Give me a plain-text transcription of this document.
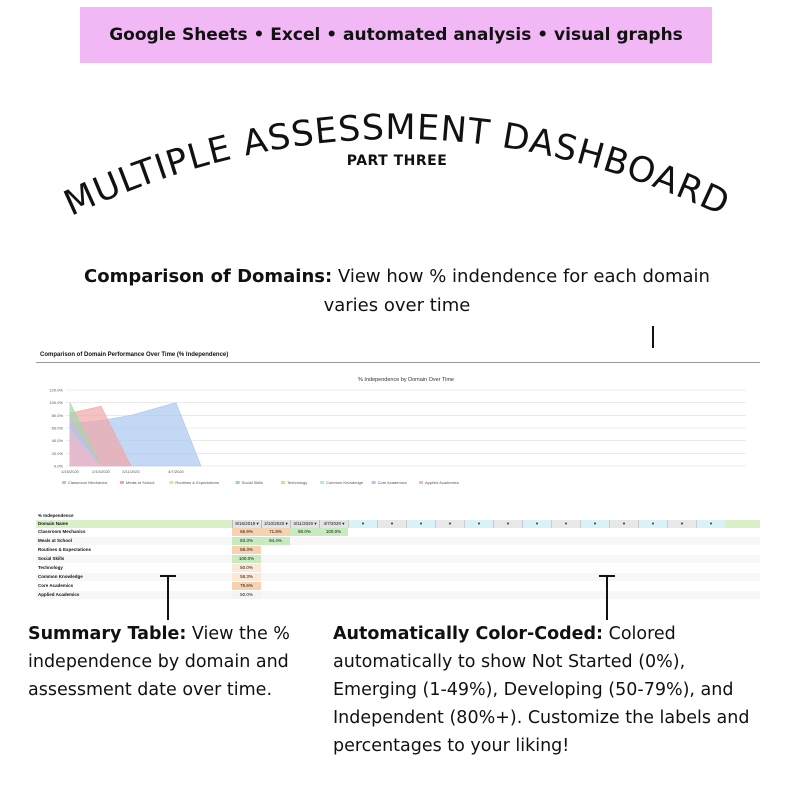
Google Sheets • Excel • automated analysis • visual graphs
MULTIPLE ASSESSMENT DASHBOARD
PART THREE
Comparison of Domains: View how % indendence for each domain varies over time
Comparison of Domain Performance Over Time (% Independence)
% Independence by Domain Over Time
0.0%
20.0%
40.0%
60.0%
80.0%
100.0%
120.0%
1/15/2020	2/10/2020	3/11/2020	4/7/2020
Classroom Mechanics	Meals at School	Routines & Expectations	Social Skills	Technology	Common Knowledge	Core Academics	Applied Academics
% Independence
Domain Name	9/16/2019 ▾	2/10/2020 ▾	3/11/2020 ▾	4/7/2020 ▾	▾	▾	▾	▾	▾	▾	▾	▾	▾	▾	▾	▾	▾
Classroom Mechanics	66.9%	71.8%	80.0%	100.0%
Meals at School	83.3%	94.4%
Routines & Expectations	58.3%
Social Skills	100.0%
Technology	50.0%
Common Knowledge	58.3%
Core Academics	75.6%
Applied Academics	50.0%
Summary Table: View the % independence by domain and assessment date over time.
Automatically Color-Coded: Colored automatically to show Not Started (0%), Emerging (1-49%), Developing (50-79%), and Independent (80%+). Customize the labels and percentages to your liking!
